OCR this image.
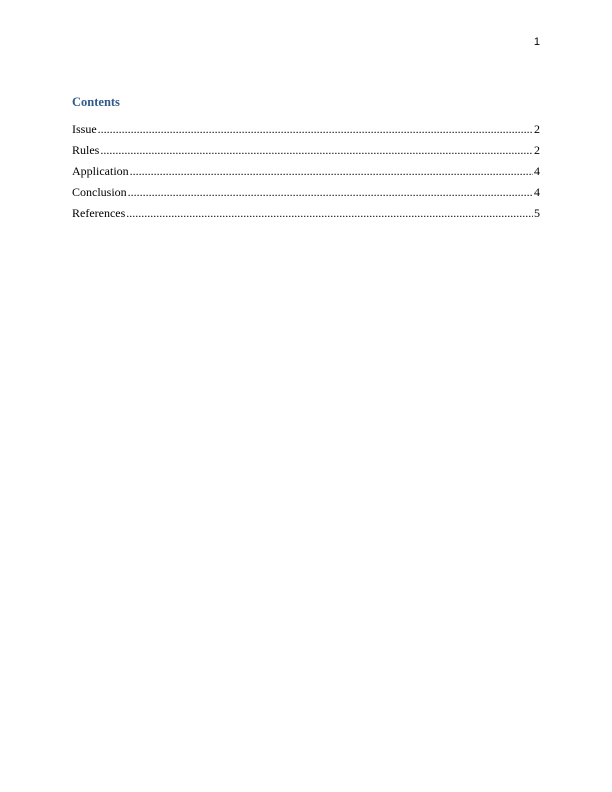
1
Contents
Issue .....	2
Rules .....	2
Application .....	4
Conclusion .....	4
References .....	5
